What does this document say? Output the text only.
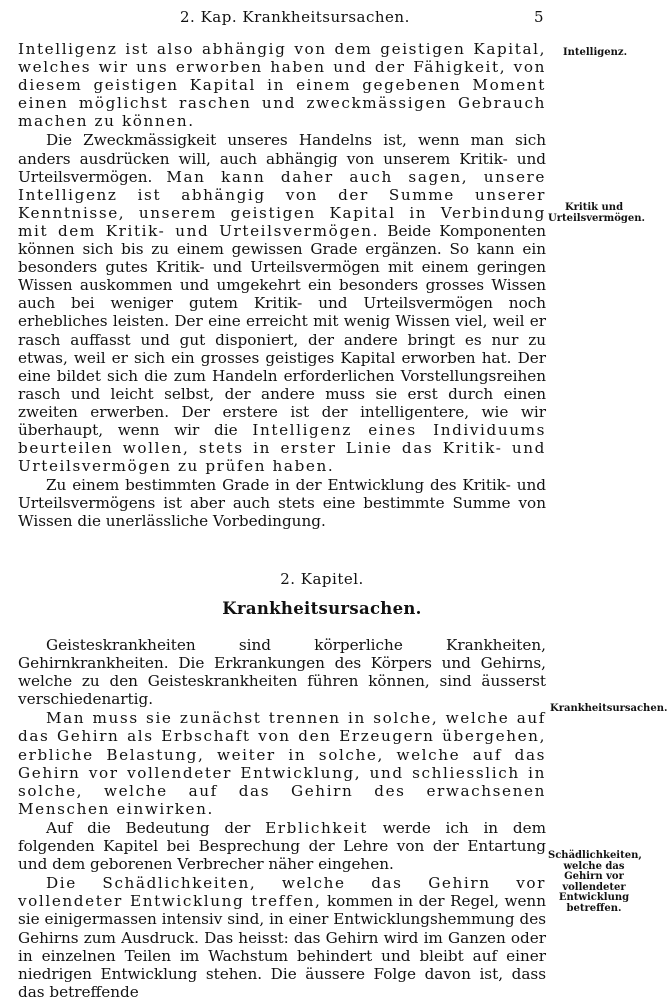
2. Kap. Krankheitsursachen.	5

Intelligenz ist also abhängig von dem geistigen Kapital, welches wir uns erworben haben und der Fähigkeit, von diesem geistigen Kapital in einem gegebenen Moment einen möglichst raschen und zweckmässigen Gebrauch machen zu können.

Die Zweckmässigkeit unseres Handelns ist, wenn man sich anders ausdrücken will, auch abhängig von unserem Kritik- und Urteilsvermögen. Man kann daher auch sagen, unsere Intelligenz ist abhängig von der Summe unserer Kenntnisse, unserem geistigen Kapital in Verbindung mit dem Kritik- und Urteilsvermögen. Beide Komponenten können sich bis zu einem gewissen Grade ergänzen. So kann ein besonders gutes Kritik- und Urteilsvermögen mit einem geringen Wissen auskommen und umgekehrt ein besonders grosses Wissen auch bei weniger gutem Kritik- und Urteilsvermögen noch erhebliches leisten. Der eine erreicht mit wenig Wissen viel, weil er rasch auffasst und gut disponiert, der andere bringt es nur zu etwas, weil er sich ein grosses geistiges Kapital erworben hat. Der eine bildet sich die zum Handeln erforderlichen Vorstellungsreihen rasch und leicht selbst, der andere muss sie erst durch einen zweiten erwerben. Der erstere ist der intelligentere, wie wir überhaupt, wenn wir die Intelligenz eines Individuums beurteilen wollen, stets in erster Linie das Kritik- und Urteilsvermögen zu prüfen haben.

Zu einem bestimmten Grade in der Entwicklung des Kritik- und Urteilsvermögens ist aber auch stets eine bestimmte Summe von Wissen die unerlässliche Vorbedingung.

2. Kapitel.
Krankheitsursachen.

Geisteskrankheiten sind körperliche Krankheiten, Gehirnkrankheiten. Die Erkrankungen des Körpers und Gehirns, welche zu den Geisteskrankheiten führen können, sind äusserst verschiedenartig.

Man muss sie zunächst trennen in solche, welche auf das Gehirn als Erbschaft von den Erzeugern übergehen, erbliche Belastung, weiter in solche, welche auf das Gehirn vor vollendeter Entwicklung, und schliesslich in solche, welche auf das Gehirn des erwachsenen Menschen einwirken.

Auf die Bedeutung der Erblichkeit werde ich in dem folgenden Kapitel bei Besprechung der Lehre von der Entartung und dem geborenen Verbrecher näher eingehen.

Die Schädlichkeiten, welche das Gehirn vor vollendeter Entwicklung treffen, kommen in der Regel, wenn sie einigermassen intensiv sind, in einer Entwicklungshemmung des Gehirns zum Ausdruck. Das heisst: das Gehirn wird im Ganzen oder in einzelnen Teilen im Wachstum behindert und bleibt auf einer niedrigen Entwicklung stehen. Die äussere Folge davon ist, dass das betreffende

Intelligenz.
Kritik und Urteilsvermögen.
Krankheitsursachen.
Schädlichkeiten, welche das Gehirn vor vollendeter Entwicklung betreffen.
